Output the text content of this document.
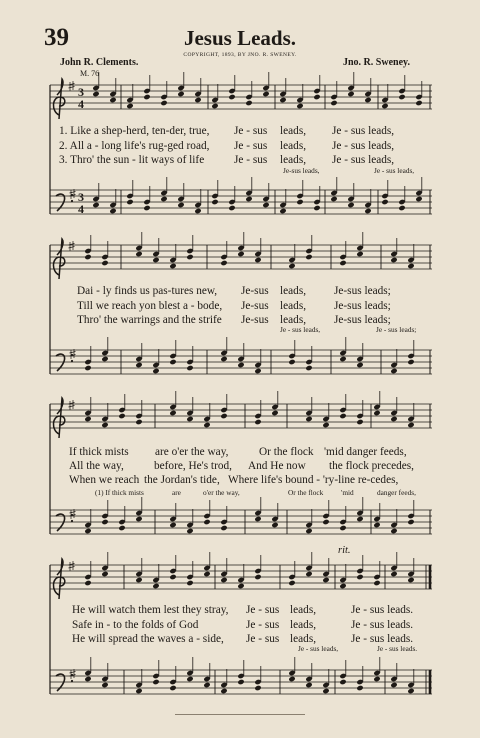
39	Jesus Leads.
COPYRIGHT, 1893, BY JNO. R. SWENEY.
John R. Clements.	Jno. R. Sweney.
M. 76
3
4
3
4
1. Like a shep-herd, ten-der, true, Je - sus leads, Je - sus leads,
2. All a - long life's rug-ged road, Je - sus leads, Je - sus leads,
3. Thro' the sun - lit ways of life	Je - sus leads, Je - sus leads,
Je-sus leads,	Je - sus leads,
Dai - ly finds us pas-tures new, Je-sus leads, Je-sus leads;
Till we reach yon blest a - bode, Je-sus leads, Je-sus leads;
Thro' the warrings and the strife Je-sus leads, Je-sus leads;
Je - sus leads,	Je - sus leads;
If thick mists are o'er the way,	Or the flock 'mid danger feeds,
All the way,	before, He's trod, And He now the flock precedes,
When we reach the Jordan's tide, Where life's bound - 'ry-line re-cedes,
(1) If thick mists	are	o'er the way,	Or the flock 'mid	danger feeds,
rit.
He will watch them lest they stray, Je - sus leads,	Je - sus leads.
Safe in - to the folds of God	Je - sus leads,	Je - sus leads.
He will spread the waves a - side, Je - sus leads,	Je - sus leads.
Je - sus leads,	Je - sus leads.
